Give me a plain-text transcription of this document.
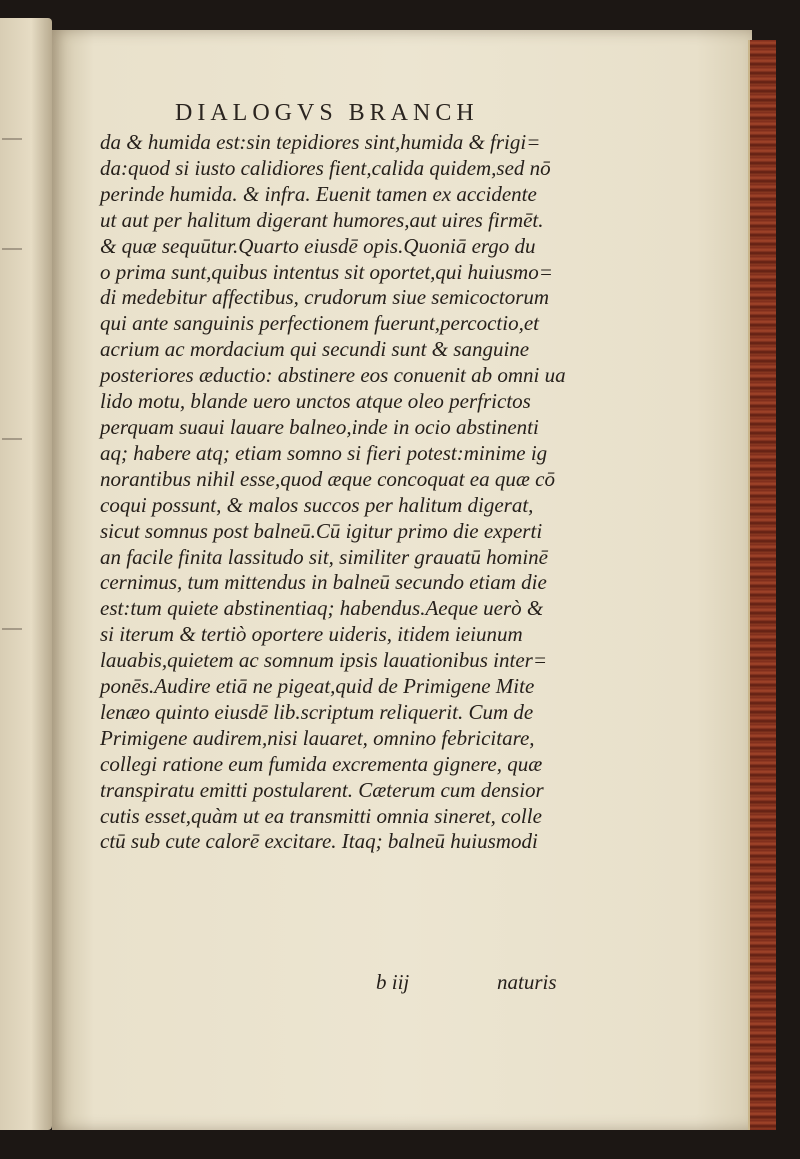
DIALOGVS BRANCH
da & humida est:sin tepidiores sint,humida & frigi=
da:quod si iusto calidiores fient,calida quidem,sed nō
perinde humida. & infra. Euenit tamen ex accidente
ut aut per halitum digerant humores,aut uires firmēt.
& quæ sequūtur.Quarto eiusdē opis.Quoniā ergo du
o prima sunt,quibus intentus sit oportet,qui huiusmo=
di medebitur affectibus, crudorum siue semicoctorum
qui ante sanguinis perfectionem fuerunt,percoctio,et
acrium ac mordacium qui secundi sunt & sanguine
posteriores æductio: abstinere eos conuenit ab omni ua
lido motu, blande uero unctos atque oleo perfrictos
perquam suaui lauare balneo,inde in ocio abstinenti
aq; habere atq; etiam somno si fieri potest:minime ig
norantibus nihil esse,quod æque concoquat ea quæ cō
coqui possunt, & malos succos per halitum digerat,
sicut somnus post balneū.Cū igitur primo die experti
an facile finita lassitudo sit, similiter grauatū hominē
cernimus, tum mittendus in balneū secundo etiam die
est:tum quiete abstinentiaq; habendus.Aeque uerò &
si iterum & tertiò oportere uideris, itidem ieiunum
lauabis,quietem ac somnum ipsis lauationibus inter=
ponēs.Audire etiā ne pigeat,quid de Primigene Mite
lenæo quinto eiusdē lib.scriptum reliquerit. Cum de
Primigene audirem,nisi lauaret, omnino febricitare,
collegi ratione eum fumida excrementa gignere, quæ
transpiratu emitti postularent. Cæterum cum densior
cutis esset,quàm ut ea transmitti omnia sineret, colle
ctū sub cute calorē excitare. Itaq; balneū huiusmodi
b iij	naturis
